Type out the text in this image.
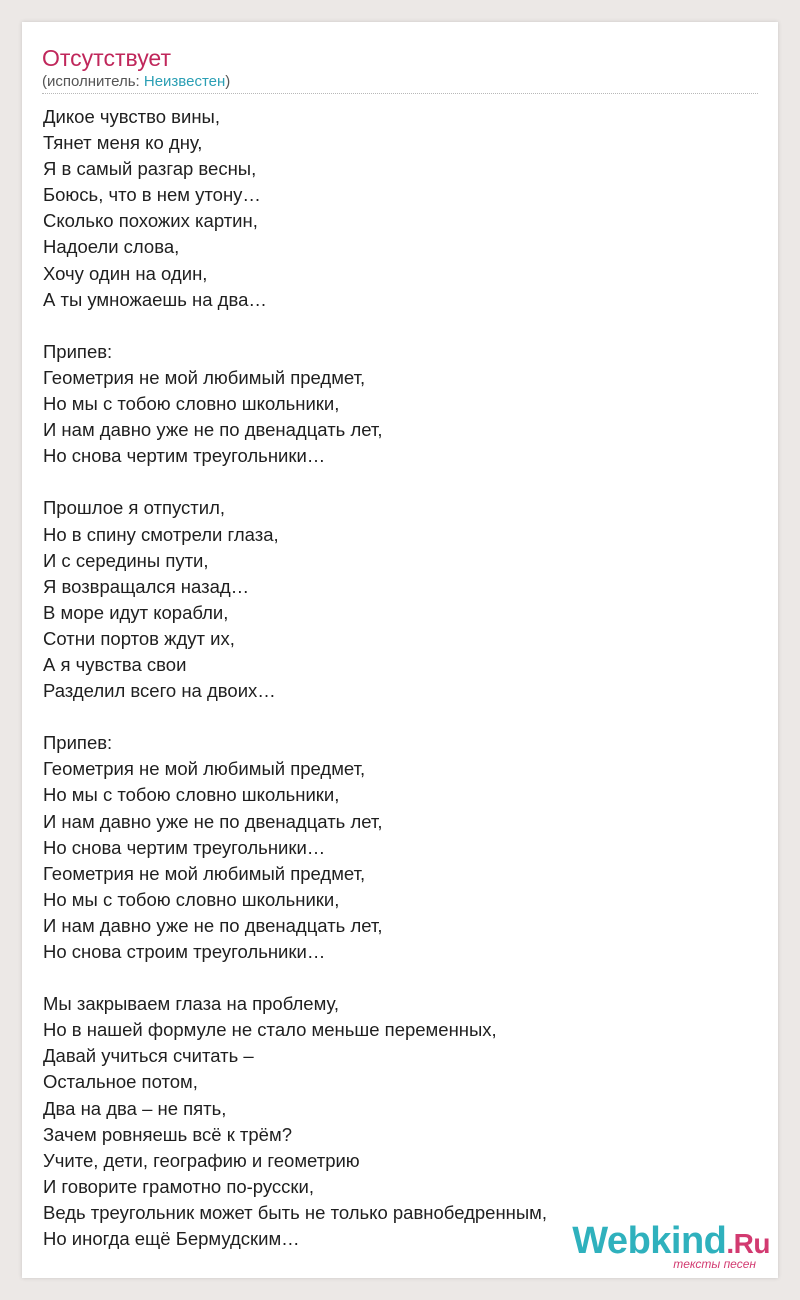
Отсутствует
(исполнитель: Неизвестен)
Дикое чувство вины,
Тянет меня ко дну,
Я в самый разгар весны,
Боюсь, что в нем утону…
Сколько похожих картин,
Надоели слова,
Хочу один на один,
А ты умножаешь на два…
Припев:
Геометрия не мой любимый предмет,
Но мы с тобою словно школьники,
И нам давно уже не по двенадцать лет,
Но снова чертим треугольники…
Прошлое я отпустил,
Но в спину смотрели глаза,
И с середины пути,
Я возвращался назад…
В море идут корабли,
Сотни портов ждут их,
А я чувства свои
Разделил всего на двоих…
Припев:
Геометрия не мой любимый предмет,
Но мы с тобою словно школьники,
И нам давно уже не по двенадцать лет,
Но снова чертим треугольники…
Геометрия не мой любимый предмет,
Но мы с тобою словно школьники,
И нам давно уже не по двенадцать лет,
Но снова строим треугольники…
Мы закрываем глаза на проблему,
Но в нашей формуле не стало меньше переменных,
Давай учиться считать –
Остальное потом,
Два на два – не пять,
Зачем ровняешь всё к трём?
Учите, дети, географию и геометрию
И говорите грамотно по-русски,
Ведь треугольник может быть не только равнобедренным,
Но иногда ещё Бермудским…	Webkind.Ru
тексты песен
